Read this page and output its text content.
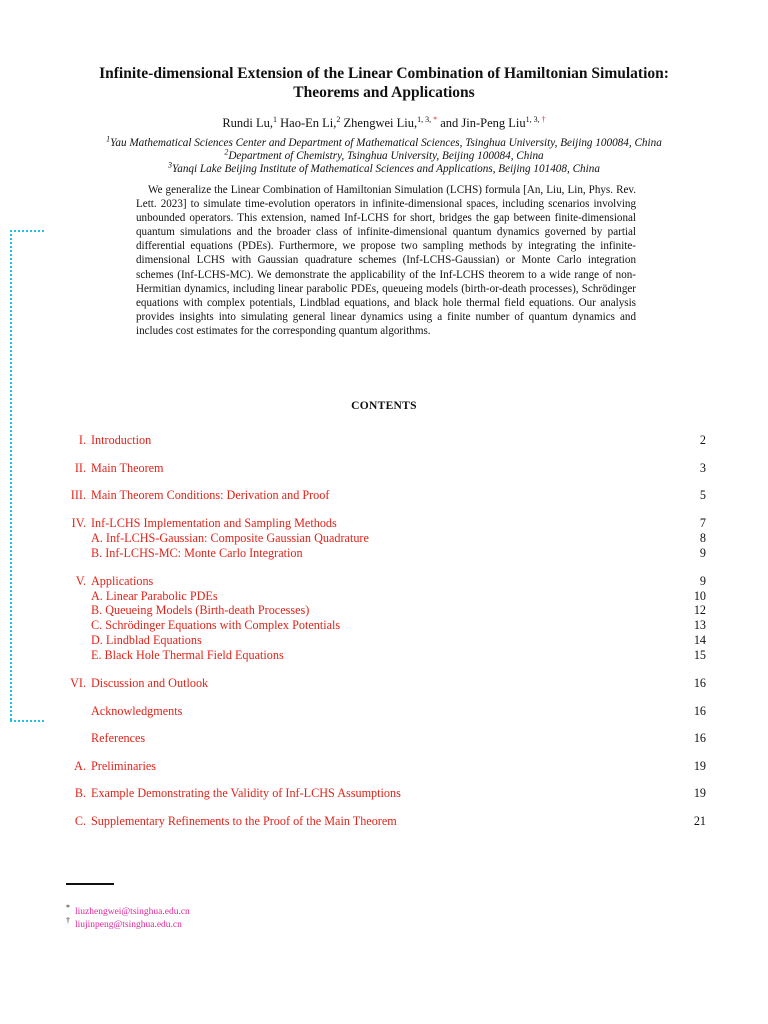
Infinite-dimensional Extension of the Linear Combination of Hamiltonian Simulation:
Theorems and Applications
Rundi Lu,$^1$ Hao-En Li,$^2$ Zhengwei Liu,$^{1, 3, *}$ and Jin-Peng Liu$^{1, 3, \dagger}$
$^1$Yau Mathematical Sciences Center and Department of Mathematical Sciences, Tsinghua University, Beijing 100084, China
$^2$Department of Chemistry, Tsinghua University, Beijing 100084, China
$^3$Yanqi Lake Beijing Institute of Mathematical Sciences and Applications, Beijing 101408, China

We generalize the Linear Combination of Hamiltonian Simulation (LCHS) formula [An, Liu, Lin, Phys. Rev. Lett. 2023] to simulate time-evolution operators in infinite-dimensional spaces, including scenarios involving unbounded operators. This extension, named Inf-LCHS for short, bridges the gap between finite-dimensional quantum simulations and the broader class of infinite-dimensional quantum dynamics governed by partial differential equations (PDEs). Furthermore, we propose two sampling methods by integrating the infinite-dimensional LCHS with Gaussian quadrature schemes (Inf-LCHS-Gaussian) or Monte Carlo integration schemes (Inf-LCHS-MC). We demonstrate the applicability of the Inf-LCHS theorem to a wide range of non-Hermitian dynamics, including linear parabolic PDEs, queueing models (birth-or-death processes), Schrödinger equations with complex potentials, Lindblad equations, and black hole thermal field equations. Our analysis provides insights into simulating general linear dynamics using a finite number of quantum dynamics and includes cost estimates for the corresponding quantum algorithms.

CONTENTS
I. Introduction	2
II. Main Theorem	3
III. Main Theorem Conditions: Derivation and Proof	5
IV. Inf-LCHS Implementation and Sampling Methods	7
A. Inf-LCHS-Gaussian: Composite Gaussian Quadrature	8
B. Inf-LCHS-MC: Monte Carlo Integration	9
V. Applications	9
A. Linear Parabolic PDEs	10
B. Queueing Models (Birth-death Processes)	12
C. Schrödinger Equations with Complex Potentials	13
D. Lindblad Equations	14
E. Black Hole Thermal Field Equations	15
VI. Discussion and Outlook	16
Acknowledgments	16
References	16
A. Preliminaries	19
B. Example Demonstrating the Validity of Inf-LCHS Assumptions	19
C. Supplementary Refinements to the Proof of the Main Theorem	21
* liuzhengwei@tsinghua.edu.cn
† liujinpeng@tsinghua.edu.cn
